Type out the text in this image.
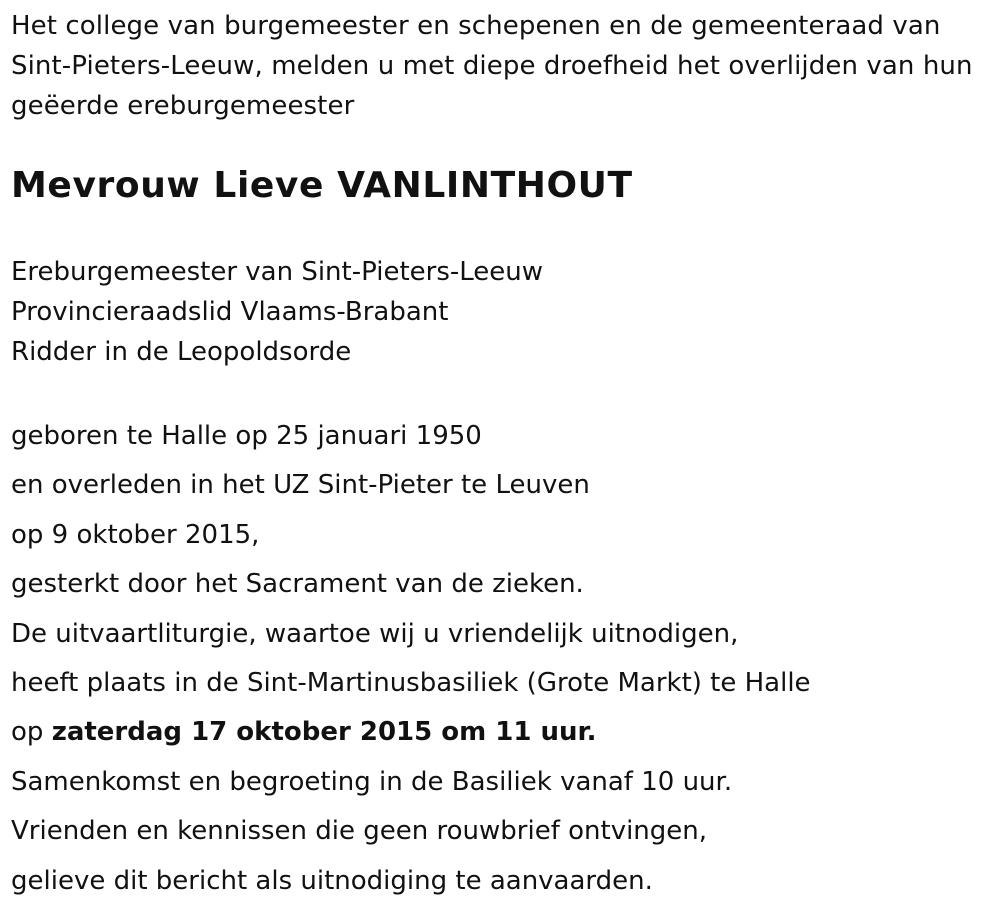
Het college van burgemeester en schepenen en de gemeenteraad van
Sint-Pieters-Leeuw, melden u met diepe droefheid het overlijden van hun
geëerde ereburgemeester

Mevrouw Lieve VANLINTHOUT

Ereburgemeester van Sint-Pieters-Leeuw
Provincieraadslid Vlaams-Brabant
Ridder in de Leopoldsorde

geboren te Halle op 25 januari 1950
en overleden in het UZ Sint-Pieter te Leuven
op 9 oktober 2015,
gesterkt door het Sacrament van de zieken.
De uitvaartliturgie, waartoe wij u vriendelijk uitnodigen,
heeft plaats in de Sint-Martinusbasiliek (Grote Markt) te Halle
op zaterdag 17 oktober 2015 om 11 uur.
Samenkomst en begroeting in de Basiliek vanaf 10 uur.
Vrienden en kennissen die geen rouwbrief ontvingen,
gelieve dit bericht als uitnodiging te aanvaarden.
